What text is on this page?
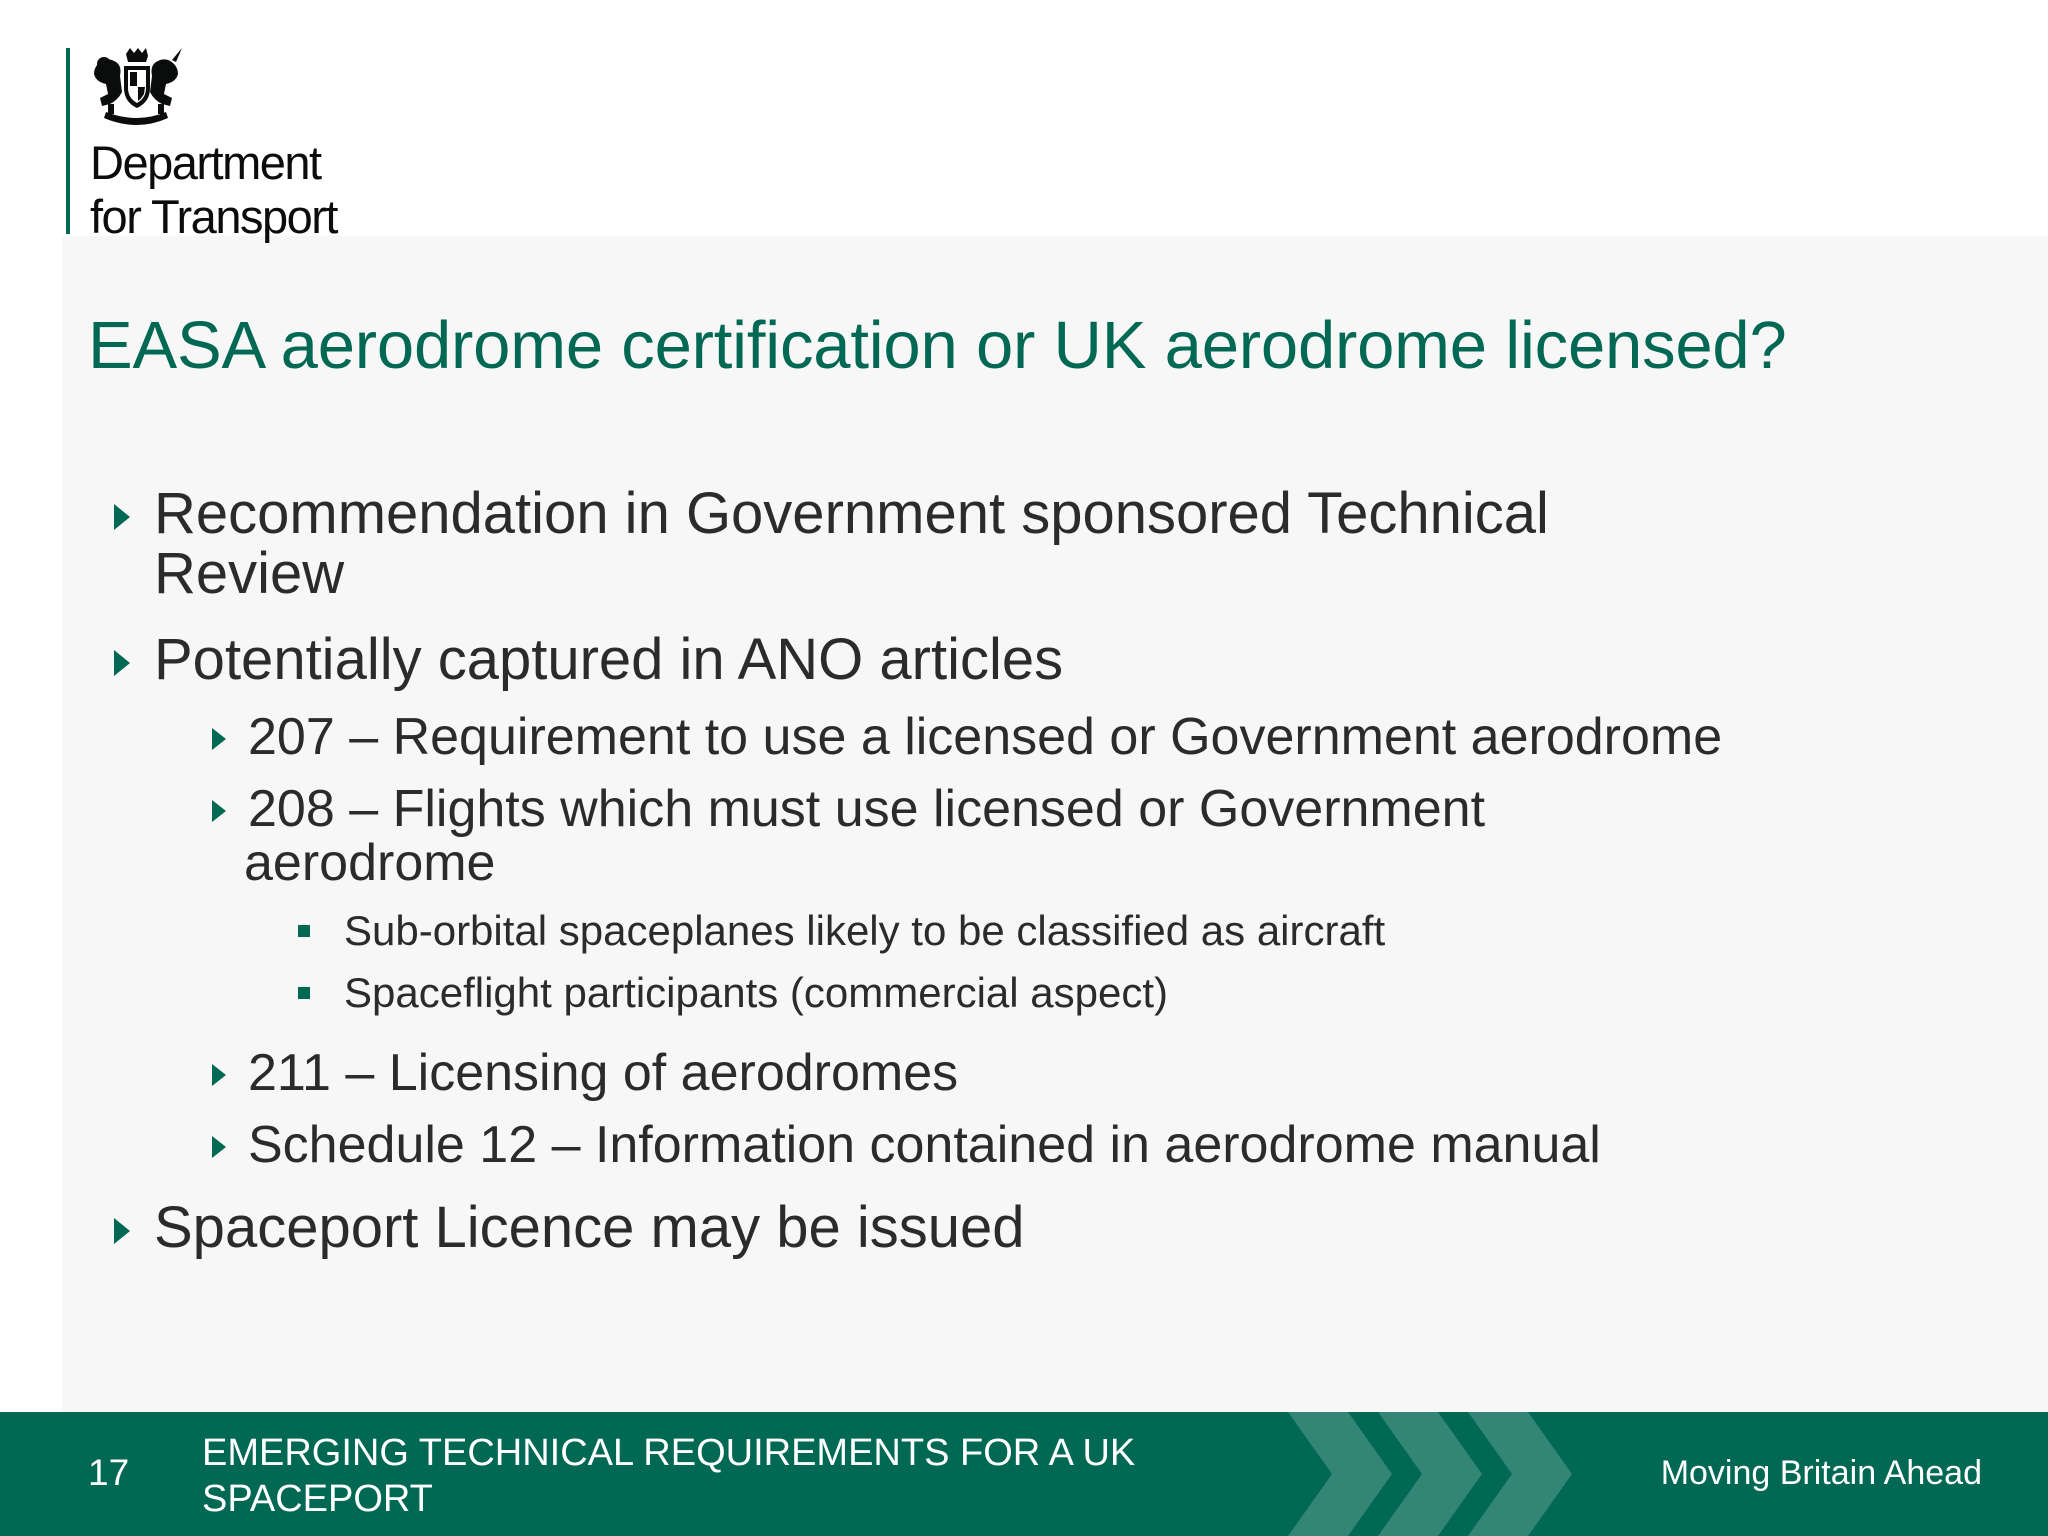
Department
for Transport
EASA aerodrome certification or UK aerodrome licensed?
Recommendation in Government sponsored Technical
Review
Potentially captured in ANO articles
207 – Requirement to use a licensed or Government aerodrome
208 – Flights which must use licensed or Government
aerodrome
Sub-orbital spaceplanes likely to be classified as aircraft
Spaceflight participants (commercial aspect)
211 – Licensing of aerodromes
Schedule 12 – Information contained in aerodrome manual
Spaceport Licence may be issued
17 EMERGING TECHNICAL REQUIREMENTS FOR A UK
SPACEPORT
Moving Britain Ahead
